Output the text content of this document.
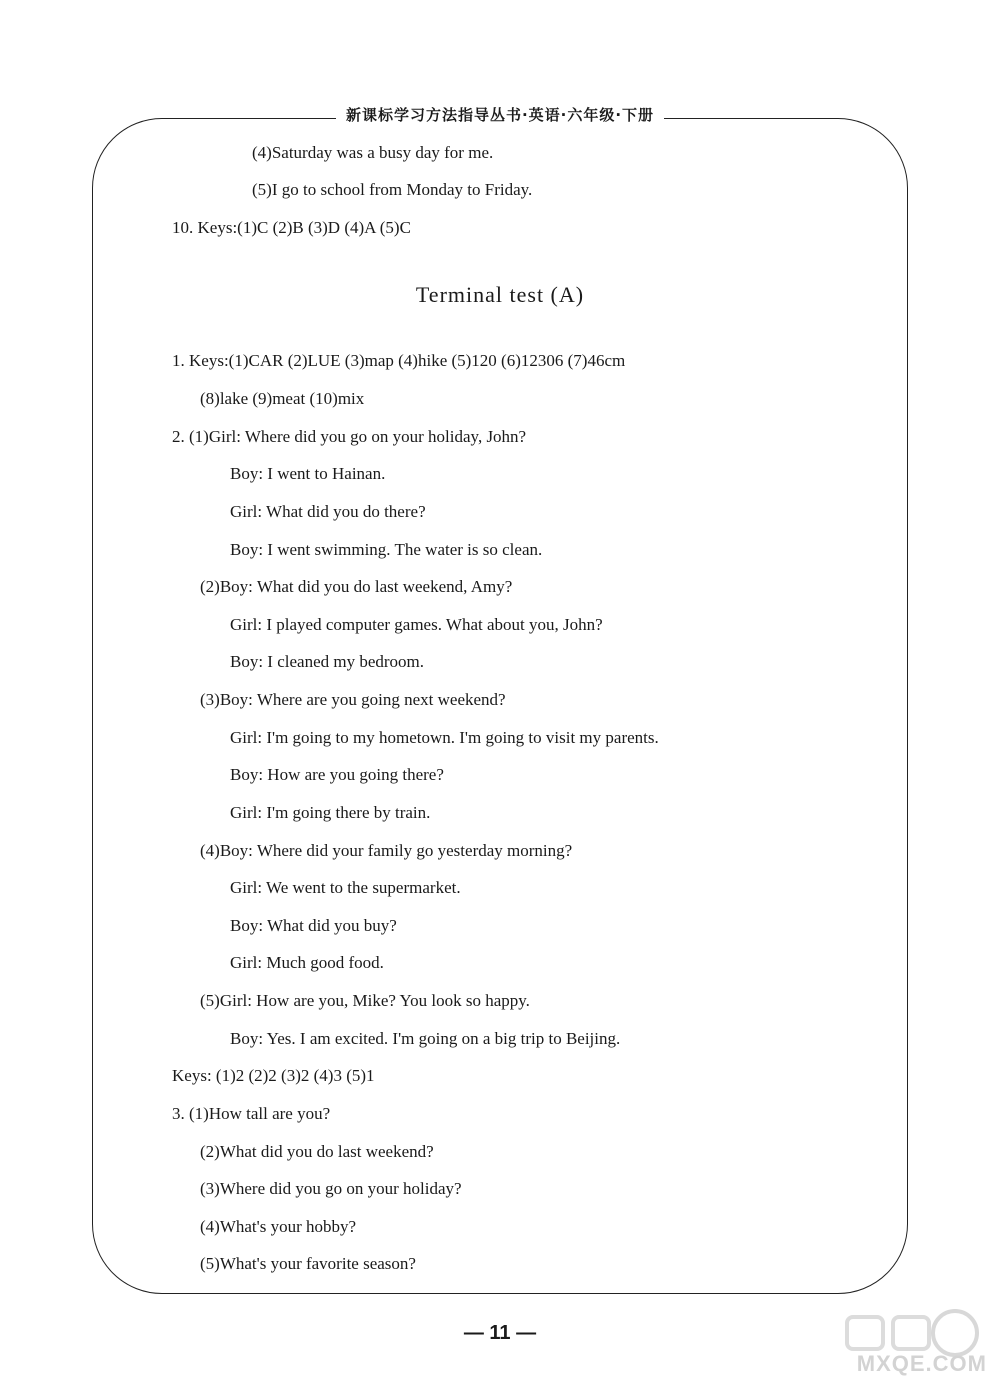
新课标学习方法指导丛书·英语·六年级·下册
(4)Saturday was a busy day for me.
(5)I go to school from Monday to Friday.
10. Keys:(1)C (2)B (3)D (4)A (5)C
Terminal test (A)
1. Keys:(1)CAR (2)LUE (3)map (4)hike (5)120 (6)12306 (7)46cm
(8)lake (9)meat (10)mix
2. (1)Girl: Where did you go on your holiday, John?
Boy: I went to Hainan.
Girl: What did you do there?
Boy: I went swimming. The water is so clean.
(2)Boy: What did you do last weekend, Amy?
Girl: I played computer games. What about you, John?
Boy: I cleaned my bedroom.
(3)Boy: Where are you going next weekend?
Girl: I'm going to my hometown. I'm going to visit my parents.
Boy: How are you going there?
Girl: I'm going there by train.
(4)Boy: Where did your family go yesterday morning?
Girl: We went to the supermarket.
Boy: What did you buy?
Girl: Much good food.
(5)Girl: How are you, Mike? You look so happy.
Boy: Yes. I am excited. I'm going on a big trip to Beijing.
Keys: (1)2 (2)2 (3)2 (4)3 (5)1
3. (1)How tall are you?
(2)What did you do last weekend?
(3)Where did you go on your holiday?
(4)What's your hobby?
(5)What's your favorite season?
— 11 —
MXQE.COM
